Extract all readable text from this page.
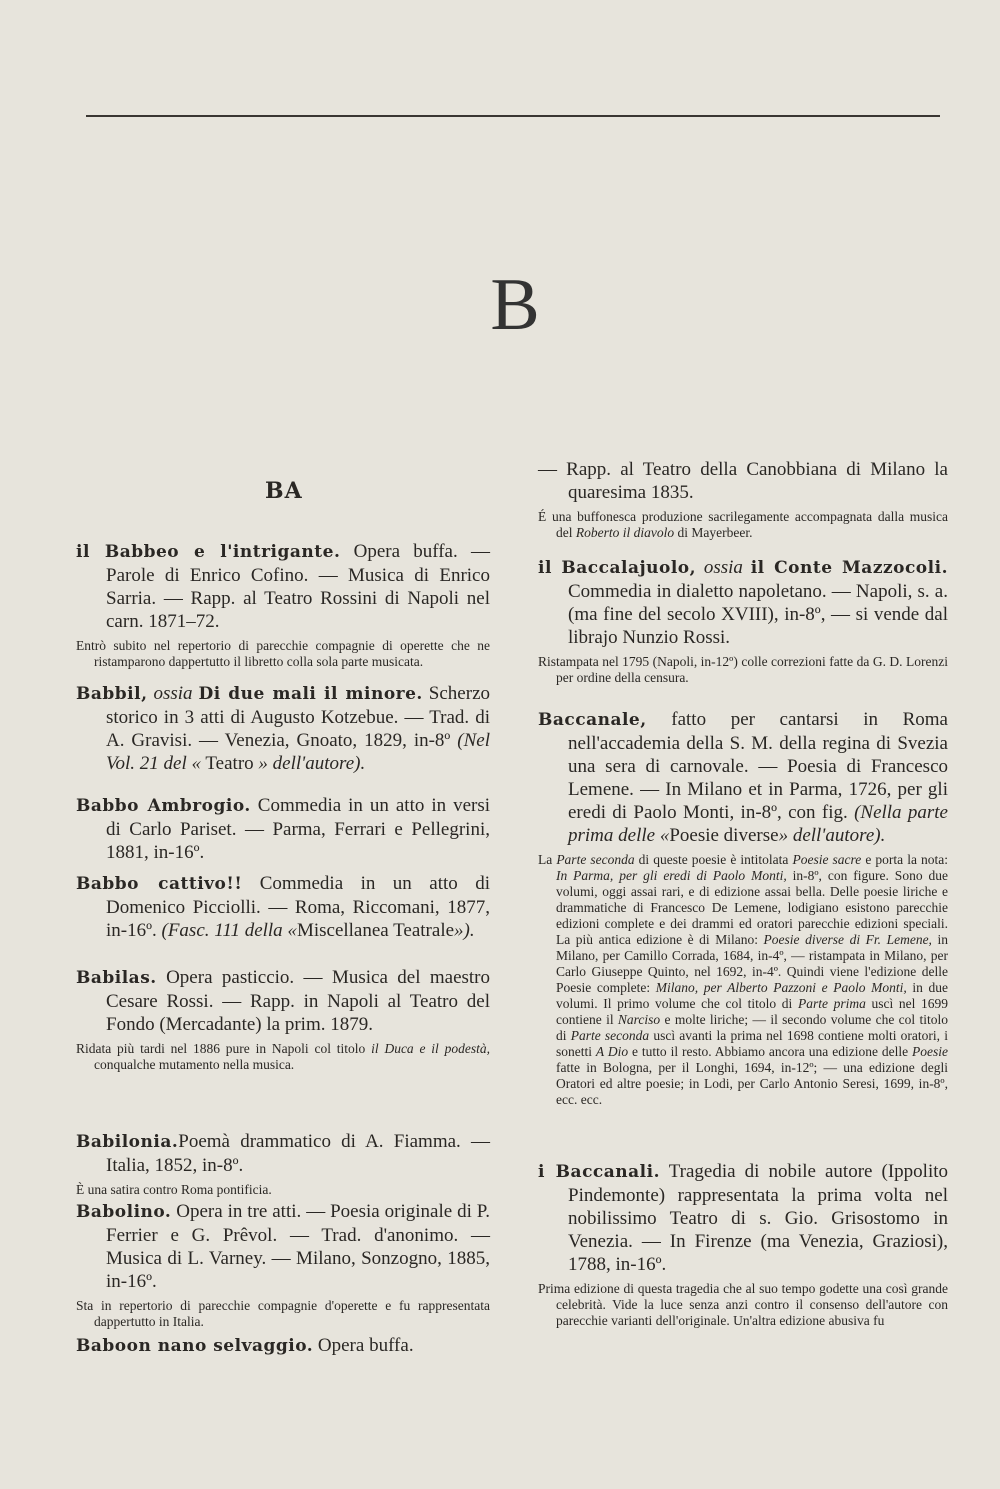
B
BA

il Babbeo e l'intrigante. Opera buffa. — Parole di Enrico Cofino. — Musica di Enrico Sarria. — Rapp. al Teatro Rossini di Napoli nel carn. 1871–72.

Entrò subito nel repertorio di parecchie compagnie di operette che ne ristamparono dappertutto il libretto colla sola parte musicata.

Babbil, ossia Di due mali il minore. Scherzo storico in 3 atti di Augusto Kotzebue. — Trad. di A. Gravisi. — Venezia, Gnoato, 1829, in-8º (Nel Vol. 21 del « Teatro » dell'autore).

Babbo Ambrogio. Commedia in un atto in versi di Carlo Pariset. — Parma, Ferrari e Pellegrini, 1881, in-16º.

Babbo cattivo!! Commedia in un atto di Domenico Picciolli. — Roma, Riccomani, 1877, in-16º. (Fasc. 111 della «Miscellanea Teatrale»).

Babilas. Opera pasticcio. — Musica del maestro Cesare Rossi. — Rapp. in Napoli al Teatro del Fondo (Mercadante) la prim. 1879.

Ridata più tardi nel 1886 pure in Napoli col titolo il Duca e il podestà, conqualche mutamento nella musica.

Babilonia.Poemà drammatico di A. Fiamma. — Italia, 1852, in-8º.

È una satira contro Roma pontificia.

Babolino. Opera in tre atti. — Poesia originale di P. Ferrier e G. Prêvol. — Trad. d'anonimo. — Musica di L. Varney. — Milano, Sonzogno, 1885, in-16º.

Sta in repertorio di parecchie compagnie d'operette e fu rappresentata dappertutto in Italia.

Baboon nano selvaggio. Opera buffa.

— Rapp. al Teatro della Canobbiana di Milano la quaresima 1835.

É una buffonesca produzione sacrilegamente accompagnata dalla musica del Roberto il diavolo di Mayerbeer.

il Baccalajuolo, ossia il Conte Mazzocoli. Commedia in dialetto napoletano. — Napoli, s. a. (ma fine del secolo XVIII), in-8º, — si vende dal librajo Nunzio Rossi.

Ristampata nel 1795 (Napoli, in-12º) colle correzioni fatte da G. D. Lorenzi per ordine della censura.

Baccanale, fatto per cantarsi in Roma nell'accademia della S. M. della regina di Svezia una sera di carnovale. — Poesia di Francesco Lemene. — In Milano et in Parma, 1726, per gli eredi di Paolo Monti, in-8º, con fig. (Nella parte prima delle «Poesie diverse» dell'autore).

La Parte seconda di queste poesie è intitolata Poesie sacre e porta la nota: In Parma, per gli eredi di Paolo Monti, in-8º, con figure. Sono due volumi, oggi assai rari, e di edizione assai bella. Delle poesie liriche e drammatiche di Francesco De Lemene, lodigiano esistono parecchie edizioni complete e dei drammi ed oratori parecchie edizioni speciali. La più antica edizione è di Milano: Poesie diverse di Fr. Lemene, in Milano, per Camillo Corrada, 1684, in-4º, — ristampata in Milano, per Carlo Giuseppe Quinto, nel 1692, in-4º. Quindi viene l'edizione delle Poesie complete: Milano, per Alberto Pazzoni e Paolo Monti, in due volumi. Il primo volume che col titolo di Parte prima uscì nel 1699 contiene il Narciso e molte liriche; — il secondo volume che col titolo di Parte seconda uscì avanti la prima nel 1698 contiene molti oratori, i sonetti A Dio e tutto il resto. Abbiamo ancora una edizione delle Poesie fatte in Bologna, per il Longhi, 1694, in-12º; — una edizione degli Oratori ed altre poesie; in Lodi, per Carlo Antonio Seresi, 1699, in-8º, ecc. ecc.

i Baccanali. Tragedia di nobile autore (Ippolito Pindemonte) rappresentata la prima volta nel nobilissimo Teatro di s. Gio. Grisostomo in Venezia. — In Firenze (ma Venezia, Graziosi), 1788, in-16º.

Prima edizione di questa tragedia che al suo tempo godette una così grande celebrità. Vide la luce senza anzi contro il consenso dell'autore con parecchie varianti dell'originale. Un'altra edizione abusiva fu
